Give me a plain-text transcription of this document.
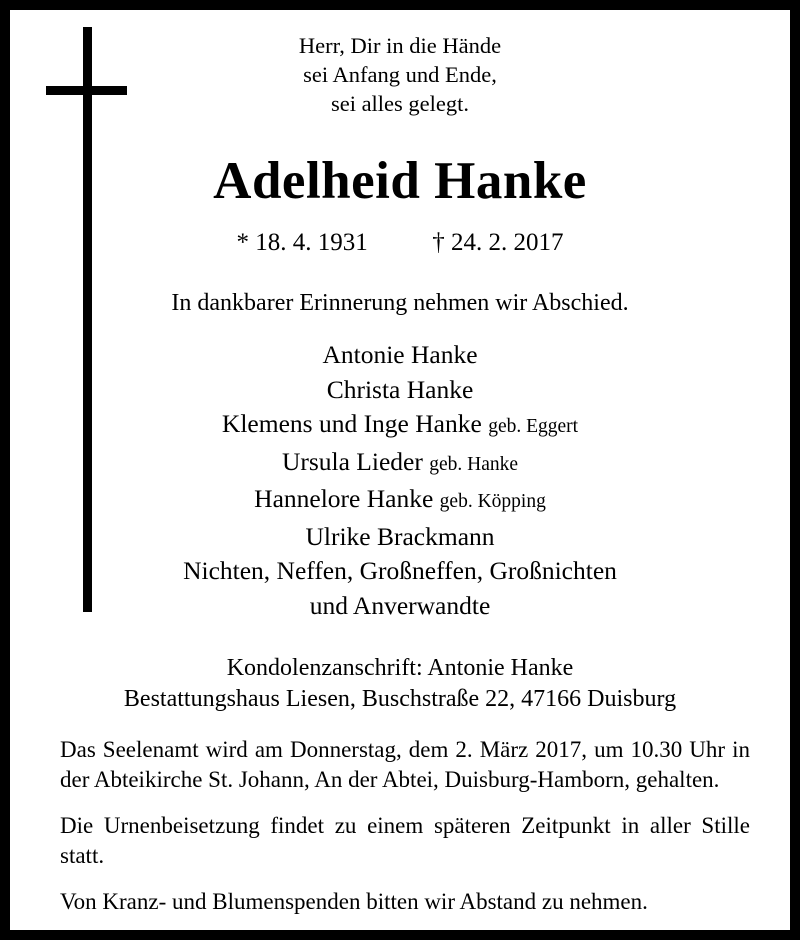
Herr, Dir in die Hände
sei Anfang und Ende,
sei alles gelegt.
Adelheid Hanke
* 18. 4. 1931	† 24. 2. 2017
In dankbarer Erinnerung nehmen wir Abschied.
Antonie Hanke
Christa Hanke
Klemens und Inge Hanke geb. Eggert
Ursula Lieder geb. Hanke
Hannelore Hanke geb. Köpping
Ulrike Brackmann
Nichten, Neffen, Großneffen, Großnichten
und Anverwandte
Kondolenzanschrift: Antonie Hanke
Bestattungshaus Liesen, Buschstraße 22, 47166 Duisburg
Das Seelenamt wird am Donnerstag, dem 2. März 2017, um 10.30 Uhr in der Abteikirche St. Johann, An der Abtei, Duisburg-Hamborn, gehalten.
Die Urnenbeisetzung findet zu einem späteren Zeitpunkt in aller Stille statt.
Von Kranz- und Blumenspenden bitten wir Abstand zu nehmen.
